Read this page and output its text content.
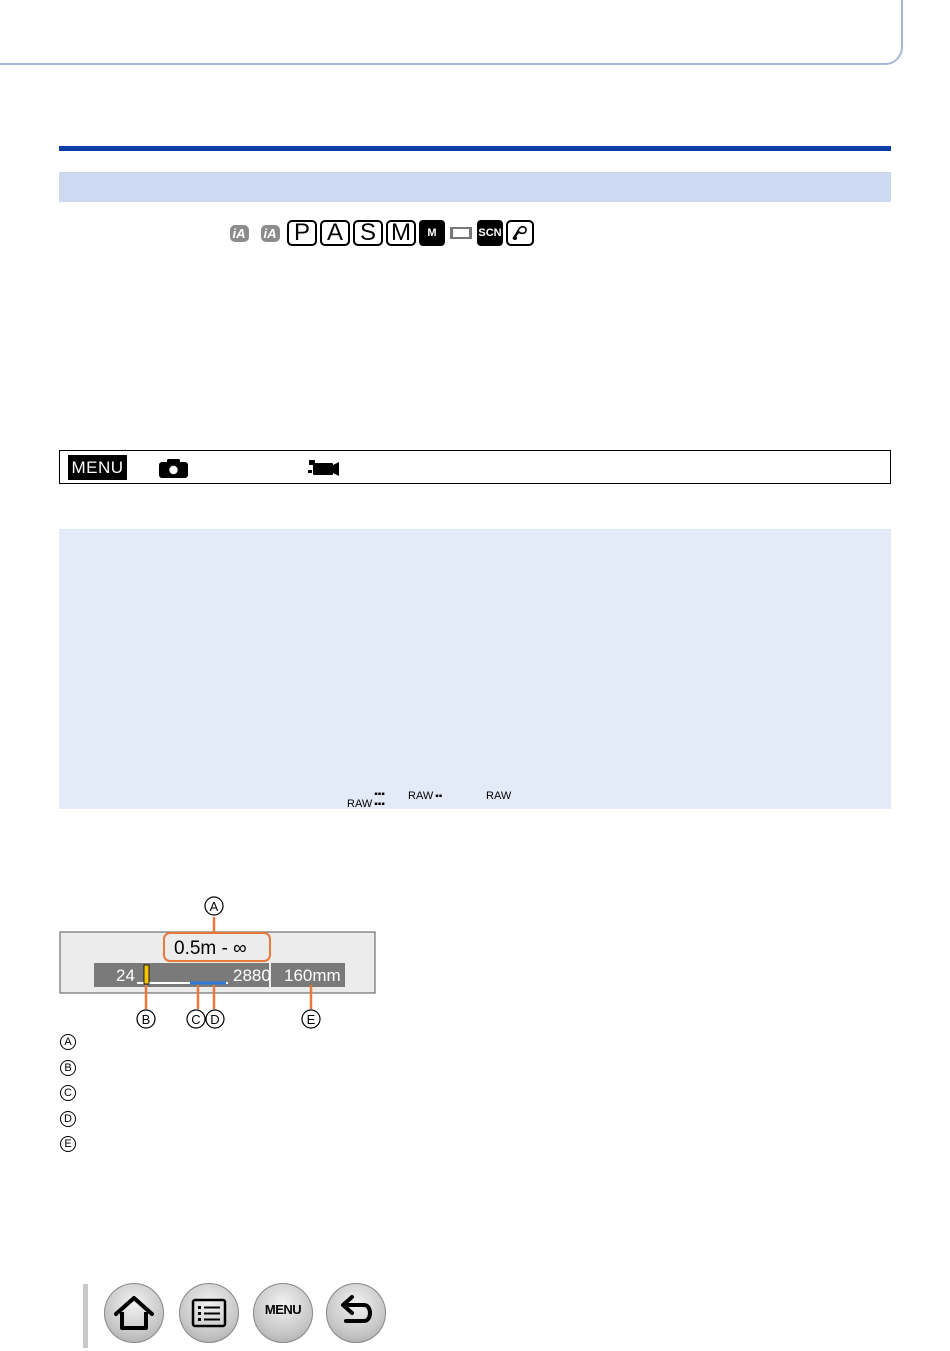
iA iA P A S M	M	SCN
MENU
RAW
▪▪▪
▪▪▪
RAW ▪▪	RAW
24	2880 160mm
0.5m - ∞
A
B	C D	E
A
B
C
D
E
MENU
